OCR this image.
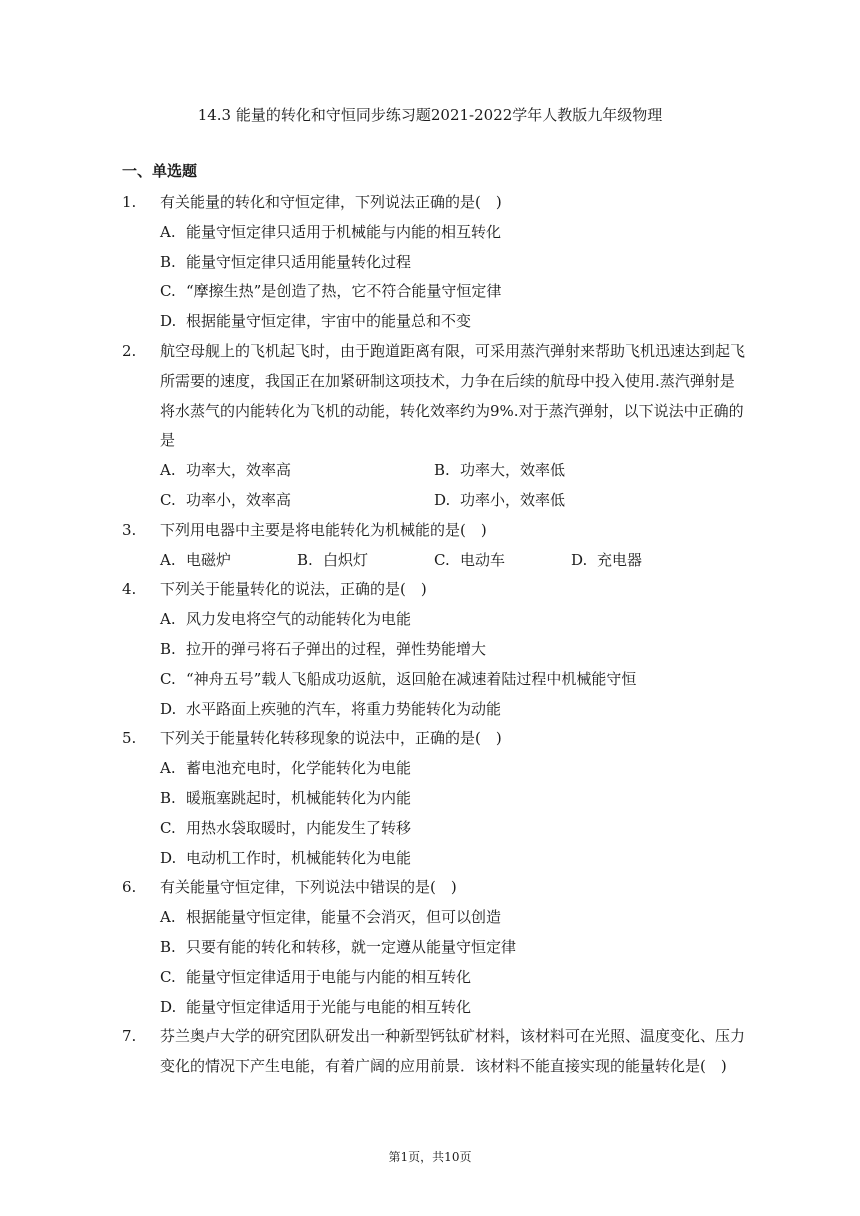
14.3 能量的转化和守恒同步练习题2021-2022学年人教版九年级物理
一、单选题
1.	有关能量的转化和守恒定律，下列说法正确的是(　)
A. 能量守恒定律只适用于机械能与内能的相互转化
B. 能量守恒定律只适用能量转化过程
C. “摩擦生热”是创造了热，它不符合能量守恒定律
D. 根据能量守恒定律，宇宙中的能量总和不变
2.	航空母舰上的飞机起飞时，由于跑道距离有限，可采用蒸汽弹射来帮助飞机迅速达到起飞所需要的速度，我国正在加紧研制这项技术，力争在后续的航母中投入使用.蒸汽弹射是将水蒸气的内能转化为飞机的动能，转化效率约为9%.对于蒸汽弹射，以下说法中正确的是
A. 功率大，效率高	B. 功率大，效率低
C. 功率小，效率高	D. 功率小，效率低
3.	下列用电器中主要是将电能转化为机械能的是(　)
A. 电磁炉	B. 白炽灯	C. 电动车	D. 充电器
4.	下列关于能量转化的说法，正确的是(　)
A. 风力发电将空气的动能转化为电能
B. 拉开的弹弓将石子弹出的过程，弹性势能增大
C. “神舟五号”载人飞船成功返航，返回舱在减速着陆过程中机械能守恒
D. 水平路面上疾驰的汽车，将重力势能转化为动能
5.	下列关于能量转化转移现象的说法中，正确的是(　)
A. 蓄电池充电时，化学能转化为电能
B. 暖瓶塞跳起时，机械能转化为内能
C. 用热水袋取暖时，内能发生了转移
D. 电动机工作时，机械能转化为电能
6.	有关能量守恒定律，下列说法中错误的是(　)
A. 根据能量守恒定律，能量不会消灭，但可以创造
B. 只要有能的转化和转移，就一定遵从能量守恒定律
C. 能量守恒定律适用于电能与内能的相互转化
D. 能量守恒定律适用于光能与电能的相互转化
7.	芬兰奥卢大学的研究团队研发出一种新型钙钛矿材料，该材料可在光照、温度变化、压力变化的情况下产生电能，有着广阔的应用前景．该材料不能直接实现的能量转化是(　)
第1页，共10页
